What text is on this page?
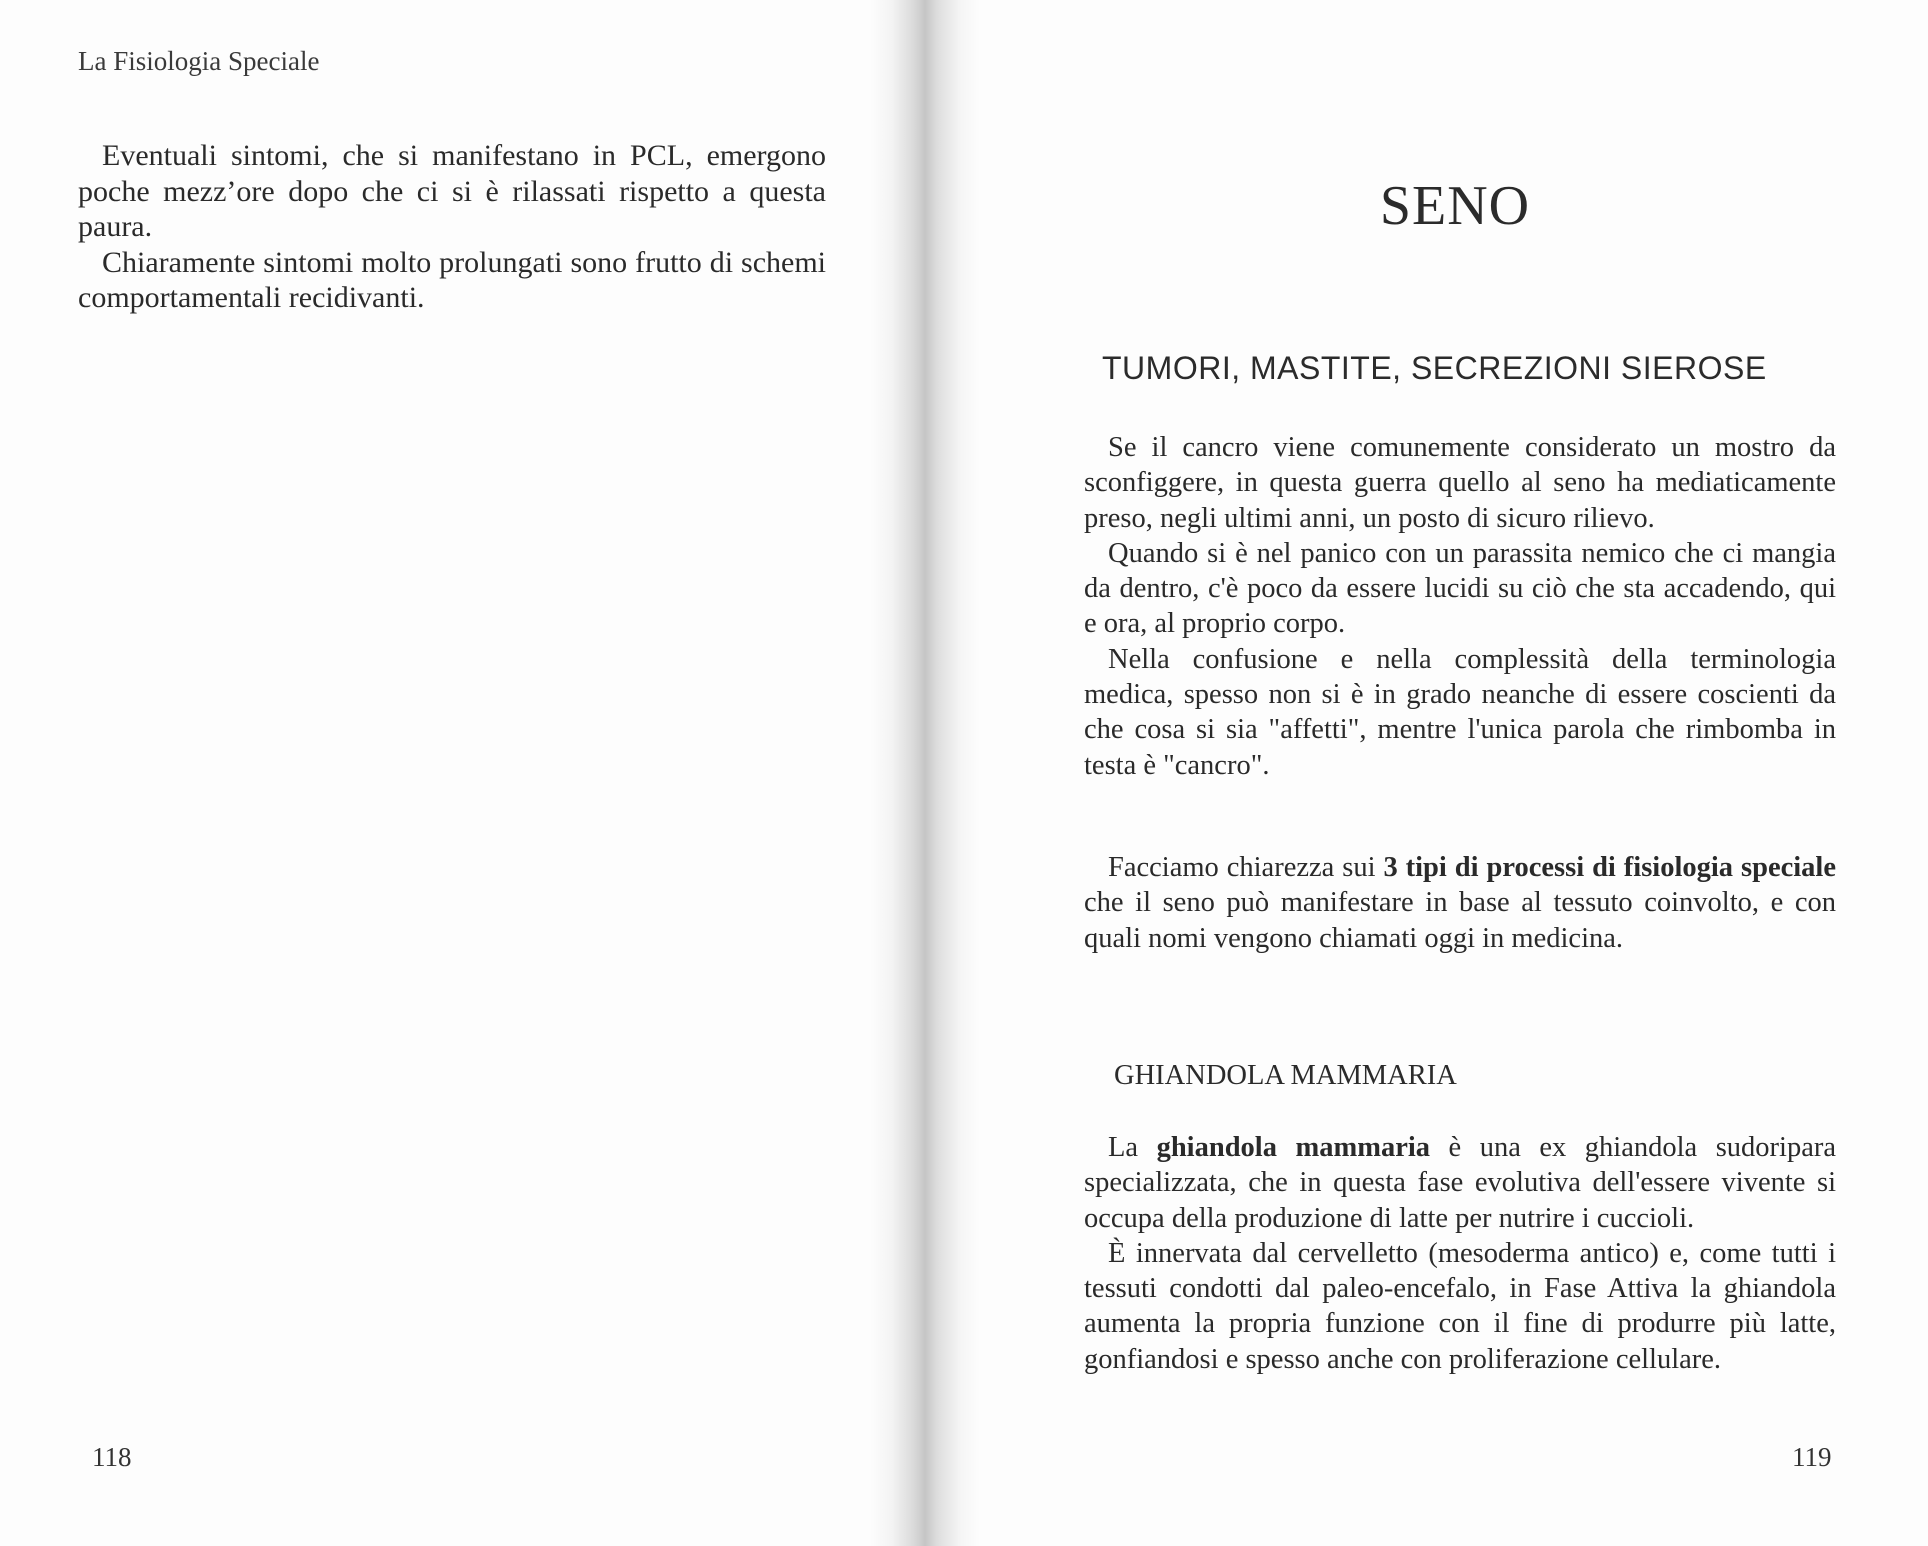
La Fisiologia Speciale

Eventuali sintomi, che si manifestano in PCL, emergono poche mezz’ore dopo che ci si è rilassati rispetto a questa paura.

Chiaramente sintomi molto prolungati sono frutto di schemi comportamentali recidivanti.

118
SENO
TUMORI, MASTITE, SECREZIONI SIEROSE

Se il cancro viene comunemente considerato un mostro da sconfiggere, in questa guerra quello al seno ha mediaticamente preso, negli ultimi anni, un posto di sicuro rilievo.

Quando si è nel panico con un parassita nemico che ci mangia da dentro, c'è poco da essere lucidi su ciò che sta accadendo, qui e ora, al proprio corpo.

Nella confusione e nella complessità della terminologia medica, spesso non si è in grado neanche di essere coscienti da che cosa si sia "affetti", mentre l'unica parola che rimbomba in testa è "cancro".

Facciamo chiarezza sui 3 tipi di processi di fisiologia speciale che il seno può manifestare in base al tessuto coinvolto, e con quali nomi vengono chiamati oggi in medicina.

GHIANDOLA MAMMARIA

La ghiandola mammaria è una ex ghiandola sudoripara specializzata, che in questa fase evolutiva dell'essere vivente si occupa della produzione di latte per nutrire i cuccioli.

È innervata dal cervelletto (mesoderma antico) e, come tutti i tessuti condotti dal paleo-encefalo, in Fase Attiva la ghiandola aumenta la propria funzione con il fine di produrre più latte, gonfiandosi e spesso anche con proliferazione cellulare.

119
